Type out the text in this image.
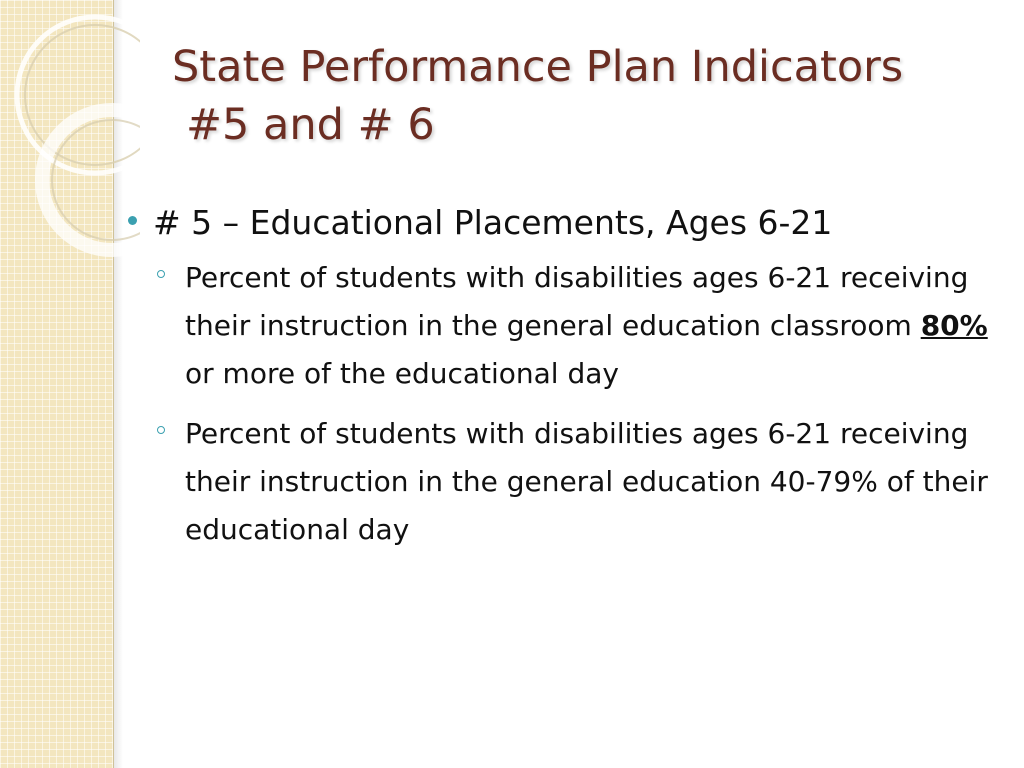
State Performance Plan Indicators
#5 and # 6
# 5 – Educational Placements, Ages 6-21
Percent of students with disabilities ages 6-21 receiving their instruction in the general education classroom 80% or more of the educational day
Percent of students with disabilities ages 6-21 receiving their instruction in the general education 40-79% of their educational day
